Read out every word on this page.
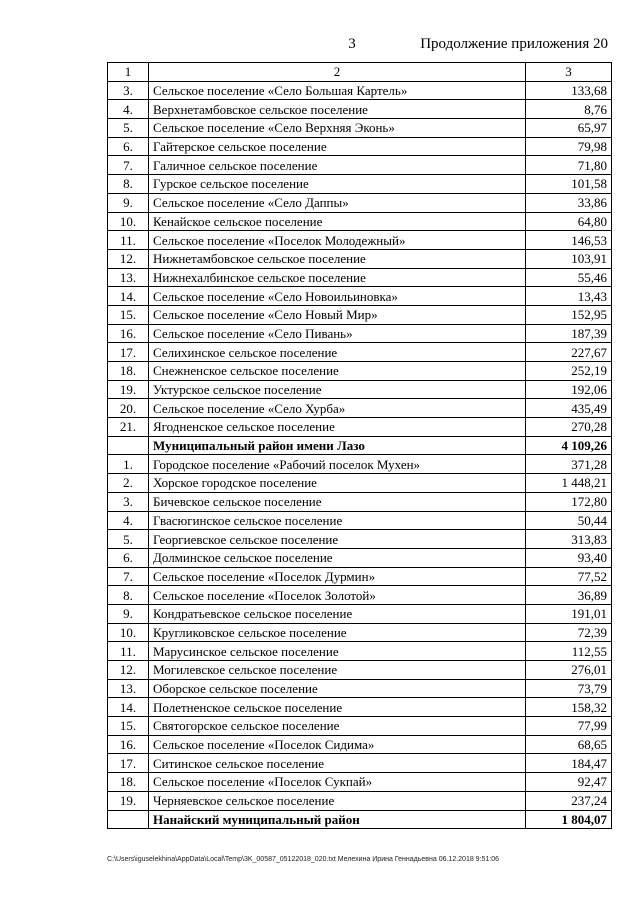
3	Продолжение приложения 20
1	2	3
3.	Сельское поселение «Село Большая Картель»	133,68
4.	Верхнетамбовское сельское поселение	8,76
5.	Сельское поселение «Село Верхняя Эконь»	65,97
6.	Гайтерское сельское поселение	79,98
7.	Галичное сельское поселение	71,80
8.	Гурское сельское поселение	101,58
9.	Сельское поселение «Село Даппы»	33,86
10.	Кенайское сельское поселение	64,80
11.	Сельское поселение «Поселок Молодежный»	146,53
12.	Нижнетамбовское сельское поселение	103,91
13.	Нижнехалбинское сельское поселение	55,46
14.	Сельское поселение «Село Новоильиновка»	13,43
15.	Сельское поселение «Село Новый Мир»	152,95
16.	Сельское поселение «Село Пивань»	187,39
17.	Селихинское сельское поселение	227,67
18.	Снежненское сельское поселение	252,19
19.	Уктурское сельское поселение	192,06
20.	Сельское поселение «Село Хурба»	435,49
21.	Ягодненское сельское поселение	270,28
	Муниципальный район имени Лазо	4 109,26
1.	Городское поселение «Рабочий поселок Мухен»	371,28
2.	Хорское городское поселение	1 448,21
3.	Бичевское сельское поселение	172,80
4.	Гвасюгинское сельское поселение	50,44
5.	Георгиевское сельское поселение	313,83
6.	Долминское сельское поселение	93,40
7.	Сельское поселение «Поселок Дурмин»	77,52
8.	Сельское поселение «Поселок Золотой»	36,89
9.	Кондратьевское сельское поселение	191,01
10.	Кругликовское сельское поселение	72,39
11.	Марусинское сельское поселение	112,55
12.	Могилевское сельское поселение	276,01
13.	Оборское сельское поселение	73,79
14.	Полетненское сельское поселение	158,32
15.	Святогорское сельское поселение	77,99
16.	Сельское поселение «Поселок Сидима»	68,65
17.	Ситинское сельское поселение	184,47
18.	Сельское поселение «Поселок Сукпай»	92,47
19.	Черняевское сельское поселение	237,24
	Нанайский муниципальный район	1 804,07
C:\Users\iguselekhina\AppData\Local\Temp\3K_00587_05122018_020.txt Мелехина Ирина Геннадьевна 06.12.2018 9:51:06
